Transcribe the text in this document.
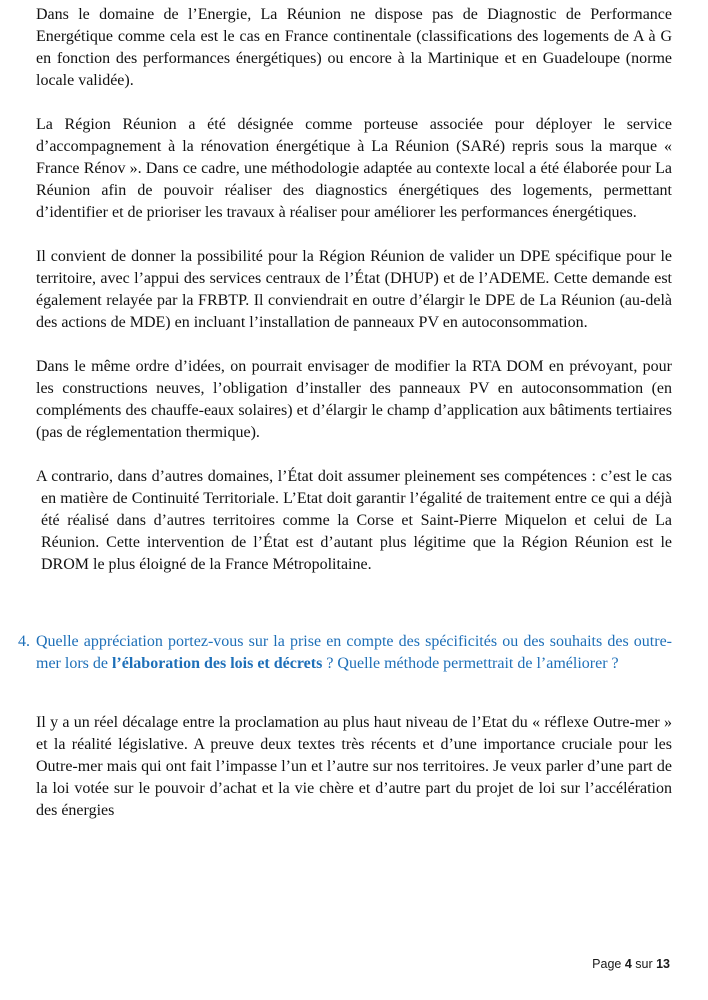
Dans le domaine de l’Energie, La Réunion ne dispose pas de Diagnostic de Performance Energétique comme cela est le cas en France continentale (classifications des logements de A à G en fonction des performances énergétiques) ou encore à la Martinique et en Guadeloupe (norme locale validée).

La Région Réunion a été désignée comme porteuse associée pour déployer le service d’accompagnement à la rénovation énergétique à La Réunion (SARé) repris sous la marque « France Rénov ». Dans ce cadre, une méthodologie adaptée au contexte local a été élaborée pour La Réunion afin de pouvoir réaliser des diagnostics énergétiques des logements, permettant d’identifier et de prioriser les travaux à réaliser pour améliorer les performances énergétiques.

Il convient de donner la possibilité pour la Région Réunion de valider un DPE spécifique pour le territoire, avec l’appui des services centraux de l’État (DHUP) et de l’ADEME. Cette demande est également relayée par la FRBTP. Il conviendrait en outre d’élargir le DPE de La Réunion (au-delà des actions de MDE) en incluant l’installation de panneaux PV en autoconsommation.

Dans le même ordre d’idées, on pourrait envisager de modifier la RTA DOM en prévoyant, pour les constructions neuves, l’obligation d’installer des panneaux PV en autoconsommation (en compléments des chauffe-eaux solaires) et d’élargir le champ d’application aux bâtiments tertiaires (pas de réglementation thermique).

A contrario, dans d’autres domaines, l’État doit assumer pleinement ses compétences : c’est le cas en matière de Continuité Territoriale. L’Etat doit garantir l’égalité de traitement entre ce qui a déjà été réalisé dans d’autres territoires comme la Corse et Saint-Pierre Miquelon et celui de La Réunion. Cette intervention de l’État est d’autant plus légitime que la Région Réunion est le DROM le plus éloigné de la France Métropolitaine.

4. Quelle appréciation portez-vous sur la prise en compte des spécificités ou des souhaits des outre-mer lors de l’élaboration des lois et décrets ? Quelle méthode permettrait de l’améliorer ?

Il y a un réel décalage entre la proclamation au plus haut niveau de l’Etat du « réflexe Outre-mer » et la réalité législative. A preuve deux textes très récents et d’une importance cruciale pour les Outre-mer mais qui ont fait l’impasse l’un et l’autre sur nos territoires. Je veux parler d’une part de la loi votée sur le pouvoir d’achat et la vie chère et d’autre part du projet de loi sur l’accélération des énergies

Page 4 sur 13
